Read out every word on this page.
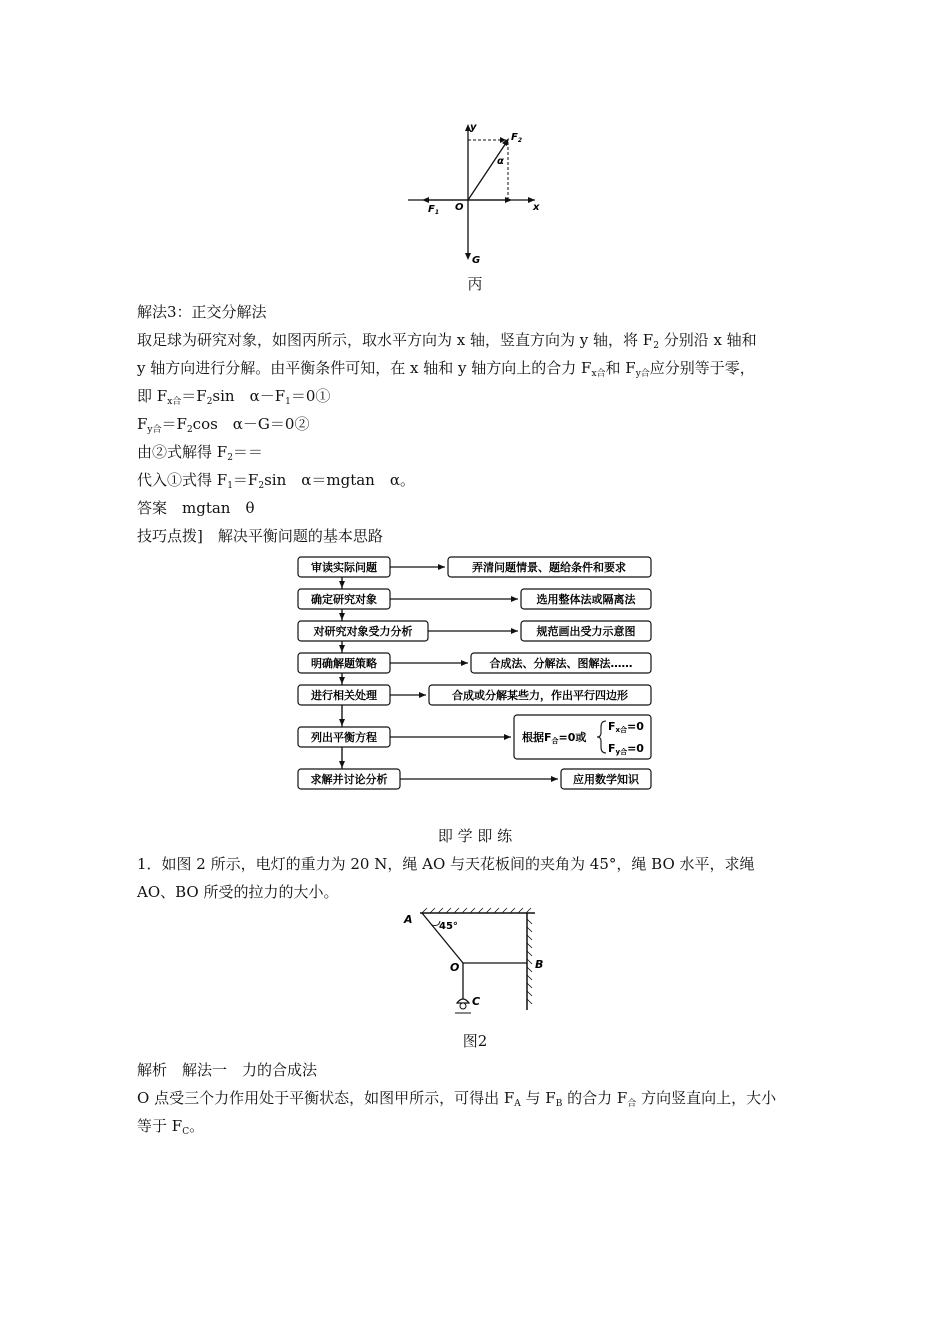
y
$F_2$
α
O
$F_1$	x
G
丙
解法3：正交分解法
取足球为研究对象，如图丙所示，取水平方向为 x 轴，竖直方向为 y 轴，将 $F_2$ 分别沿 x 轴和
y 轴方向进行分解。由平衡条件可知，在 x 轴和 y 轴方向上的合力 $F_{x合}$和 $F_{y合}$应分别等于零，
即 $F_{x合}=F_2\sin$　$\alpha-F_1=0①$
$F_{y合}=F_2\cos$　α－G＝0②
由②式解得 $F_2==$
代入①式得 $F_1=F_2\sin$　α＝mgtan　α。
答案　mgtan　θ
技巧点拨]　解决平衡问题的基本思路
审读实际问题	弄清问题情景、题给条件和要求
确定研究对象	选用整体法或隔离法
对研究对象受力分析	规范画出受力示意图
明确解题策略	合成法、分解法、图解法……
进行相关处理	合成或分解某些力，作出平行四边形
列出平衡方程	根据F合=0或
Fx合=0
Fy合=0
求解并讨论分析	应用数学知识
即 学 即 练
1．如图 2 所示，电灯的重力为 20 N，绳 AO 与天花板间的夹角为 45°，绳 BO 水平，求绳
AO、BO 所受的拉力的大小。
A
45°
O	B
C
图2
解析　解法一　力的合成法
O 点受三个力作用处于平衡状态，如图甲所示，可得出 $F_A$ 与 $F_B$ 的合力 $F_合$ 方向竖直向上，大小
等于 $F_C$。
